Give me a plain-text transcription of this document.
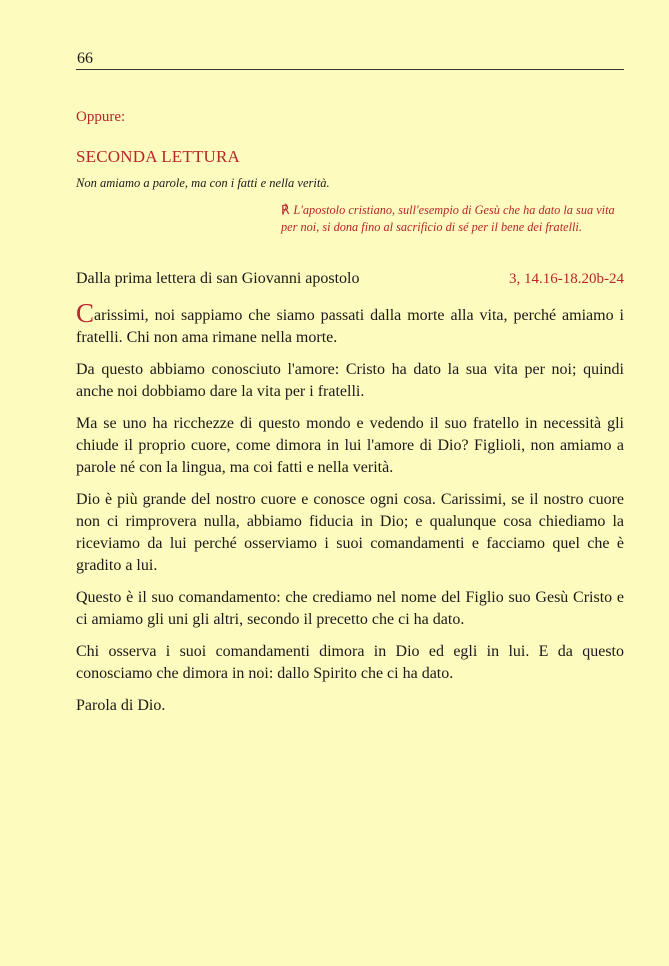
66
Oppure:
SECONDA LETTURA
Non amiamo a parole, ma con i fatti e nella verità.
℟ L'apostolo cristiano, sull'esempio di Gesù che ha dato la sua vita per noi, si dona fino al sacrificio di sé per il bene dei fratelli.
Dalla prima lettera di san Giovanni apostolo	3, 14.16-18.20b-24

Carissimi, noi sappiamo che siamo passati dalla morte alla vita, perché amiamo i fratelli. Chi non ama rimane nella morte.

Da questo abbiamo conosciuto l'amore: Cristo ha dato la sua vita per noi; quindi anche noi dobbiamo dare la vita per i fratelli.

Ma se uno ha ricchezze di questo mondo e vedendo il suo fratello in necessità gli chiude il proprio cuore, come dimora in lui l'amore di Dio? Figlioli, non amiamo a parole né con la lingua, ma coi fatti e nella verità.

Dio è più grande del nostro cuore e conosce ogni cosa. Carissimi, se il nostro cuore non ci rimprovera nulla, abbiamo fiducia in Dio; e qualunque cosa chiediamo la riceviamo da lui perché osserviamo i suoi comandamenti e facciamo quel che è gradito a lui.

Questo è il suo comandamento: che crediamo nel nome del Figlio suo Gesù Cristo e ci amiamo gli uni gli altri, secondo il precetto che ci ha dato.

Chi osserva i suoi comandamenti dimora in Dio ed egli in lui. E da questo conosciamo che dimora in noi: dallo Spirito che ci ha dato.

Parola di Dio.
